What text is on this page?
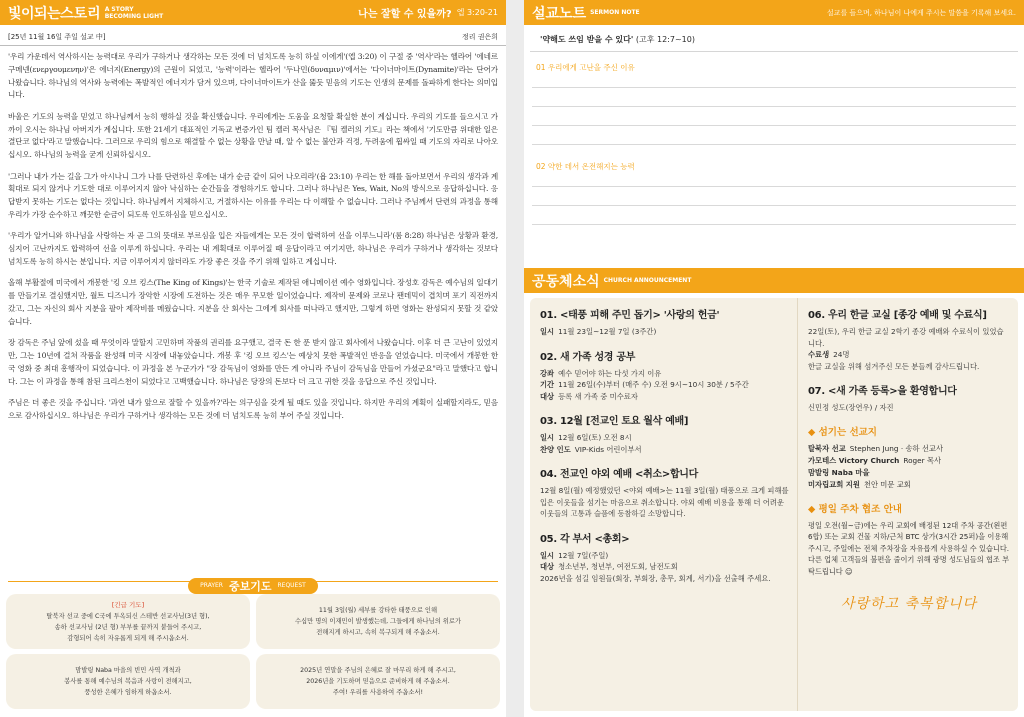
빛이되는 스토리 A STORY BECOMING LIGHT	나는 잘할 수 있을까? 엡 3:20-21
[25년 11월 16일 주일 설교 中]	정리 권은희

'우리 가운데서 역사하시는 능력대로 우리가 구하거나 생각하는 모든 것에 더 넘치도록 능히 하실 이에게'(엡 3:20) 이 구절 중 '역사'라는 헬라어 '에네르구메넨(ενεργουμενην)'은 에너지(Energy)의 근원이 되었고, '능력'이라는 헬라어 '두나민(δυναμιν)'에서는 '다이너마이트(Dynamite)'라는 단어가 나왔습니다. 하나님의 역사와 능력에는 폭발적인 에너지가 담겨 있으며, 다이너마이트가 산을 뚫듯 믿음의 기도는 인생의 문제를 돌파하게 한다는 의미입니다.

바울은 기도의 능력을 믿었고 하나님께서 능히 행하실 것을 확신했습니다. 우리에게는 도움을 요청할 확실한 분이 계십니다. 우리의 기도를 들으시고 가까이 오시는 하나님 아버지가 계십니다. 또한 21세기 대표적인 기독교 변증가인 팀 켈러 목사님은 『팀 켈러의 기도』라는 책에서 '기도만큼 위대한 일은 결단코 없다'라고 말했습니다. 그러므로 우리의 힘으로 해결할 수 없는 상황을 만날 때, 알 수 없는 불안과 걱정, 두려움에 휩싸일 때 기도의 자리로 나아오십시오. 하나님의 능력을 굳게 신뢰하십시오.

'그러나 내가 가는 길을 그가 아시나니 그가 나를 단련하신 후에는 내가 순금 같이 되어 나오리라'(욥 23:10) 우리는 한 해를 돌아보면서 우리의 생각과 계획대로 되지 않거나 기도한 대로 이루어지지 않아 낙심하는 순간들을 경험하기도 합니다. 그러나 하나님은 Yes, Wait, No의 방식으로 응답하십니다. 응답받지 못하는 기도는 없다는 것입니다. 하나님께서 지체하시고, 거절하시는 이유를 우리는 다 이해할 수 없습니다. 그러나 주님께서 단련의 과정을 통해 우리가 가장 순수하고 깨끗한 순금이 되도록 인도하심을 믿으십시오.

'우리가 알거니와 하나님을 사랑하는 자 곧 그의 뜻대로 부르심을 입은 자들에게는 모든 것이 합력하여 선을 이루느니라'(롬 8:28) 하나님은 상황과 환경, 심지어 고난까지도 합력하여 선을 이루게 하십니다. 우리는 내 계획대로 이루어질 때 응답이라고 여기지만, 하나님은 우리가 구하거나 생각하는 것보다 넘치도록 능히 하시는 분입니다. 지금 이루어지지 않더라도 가장 좋은 것을 주기 위해 일하고 계십니다.

올해 부활절에 미국에서 개봉한 '킹 오브 킹스(The King of Kings)'는 한국 기술로 제작된 애니메이션 예수 영화입니다. 장성호 감독은 예수님의 일대기를 만들기로 결심했지만, 월트 디즈니가 장악한 시장에 도전하는 것은 매우 무모한 일이었습니다. 제작비 문제와 코로나 팬데믹이 겹치며 포기 직전까지 갔고, 그는 자신의 회사 지분을 팔아 제작비를 메웠습니다. 지분을 산 회사는 그에게 회사를 떠나라고 했지만, 그렇게 하면 영화는 완성되지 못할 것 같았습니다.

장 감독은 주님 앞에 섰을 때 무엇이라 말할지 고민하며 작품의 권리를 요구했고, 결국 돈 한 푼 받지 않고 회사에서 나왔습니다. 이후 더 큰 고난이 있었지만, 그는 10년에 걸쳐 작품을 완성해 미국 시장에 내놓았습니다. 개봉 후 '킹 오브 킹스'는 예상치 못한 폭발적인 반응을 얻었습니다. 미국에서 개봉한 한국 영화 중 최대 흥행작이 되었습니다. 이 과정을 본 누군가가 "장 감독님이 영화를 만든 게 아니라 주님이 감독님을 만들어 가셨군요"라고 말했다고 합니다. 그는 이 과정을 통해 참된 크리스천이 되었다고 고백했습니다. 하나님은 당장의 돈보다 더 크고 귀한 것을 응답으로 주신 것입니다.

주님은 더 좋은 것을 주십니다. '과연 내가 앞으로 잘할 수 있을까?'라는 의구심을 갖게 될 때도 있을 것입니다. 하지만 우리의 계획이 실패할지라도, 믿음으로 감사하십시오. 하나님은 우리가 구하거나 생각하는 모든 것에 더 넘치도록 능히 부어 주실 것입니다.

PRAYER 중보기도 REQUEST
[긴급 기도]
탈북자 선교 중에 C국에 투옥되신 스테반 선교사님(3년 형),
송하 선교사님 (2년 형) 부부를 끝까지 붙들어 주시고,
감형되어 속히 자유롭게 되게 해 주시옵소서.
11월 3일(월) 세부를 강타한 태풍으로 인해
수십만 명의 이재민이 발생했는데, 그들에게 하나님의 위로가
전해지게 하시고, 속히 복구되게 해 주옵소서.
맘발링 Naba 마을의 빈민 사역 개척과
봉사를 통해 예수님의 복음과 사랑이 전해지고,
풍성한 은혜가 임하게 하옵소서.
2025년 연말을 주님의 은혜로 잘 마무리 하게 해 주시고,
2026년을 기도하며 믿음으로 준비하게 해 주옵소서.
주여! 우리를 사용하여 주옵소서!
설교노트 SERMON NOTE	설교를 들으며, 하나님이 나에게 주시는 말씀을 기록해 보세요.
'약해도 쓰임 받을 수 있다' (고후 12:7~10)
01 우리에게 고난을 주신 이유
02 약한 데서 온전해지는 능력
공동체소식 CHURCH ANNOUNCEMENT
01. <태풍 피해 주민 돕기> '사랑의 헌금'
일시 11월 23일~12월 7일 (3주간)
02. 새 가족 성경 공부
강좌 예수 믿어야 하는 다섯 가지 이유
기간 11월 26일(수)부터 (매주 수) 오전 9시~10시 30분 / 5주간
대상 등록 새 가족 중 미수료자
03. 12월 [전교인 토요 월삭 예배]
일시 12월 6일(토) 오전 8시
찬양 인도 VIP-Kids 어린이부서
04. 전교인 야외 예배 <취소>합니다
12월 8일(월) 예정했었던 <야외 예배>는 11월 3일(월) 태풍으로 크게 피해를 입은 이웃들을 섬기는 마음으로 취소합니다. 야외 예배 비용을 통해 더 어려운 이웃들의 고통과 슬픔에 동참하길 소망합니다.
05. 각 부서 <총회>
일시 12월 7일(주일)
대상 청소년부, 청년부, 여전도회, 남전도회
2026년을 섬길 임원들(회장, 부회장, 총무, 회계, 서기)을 선출해 주세요.
06. 우리 한글 교실 [종강 예배 및 수료식]
22일(토), 우리 한글 교실 2학기 종강 예배와 수료식이 있었습니다.
수료생 24명
한글 교실을 위해 섬겨주신 모든 분들께 감사드립니다.
07. <새 가족 등록>을 환영합니다
신민정 성도(장연우) / 자진
◆ 섬기는 선교지
탈북자 선교 Stephen Jung · 송하 선교사
가모테스 Victory Church Roger 목사
맘발링 Naba 마을
미자립교회 지원 천안 미문 교회
◆ 평일 주차 협조 안내
평일 오전(월~금)에는 우리 교회에 배정된 12대 주차 공간(왼편 6합) 또는 교회 건물 지하/근처 BTC 상가(3시간 25퍼)을 이용해 주시고, 주일에는 전체 주차장을 자유롭게 사용하실 수 있습니다. 다른 업체 고객들의 불편을 줄이기 위해 광명 성도님들의 협조 부탁드립니다 ☺
사랑하고 축복합니다
